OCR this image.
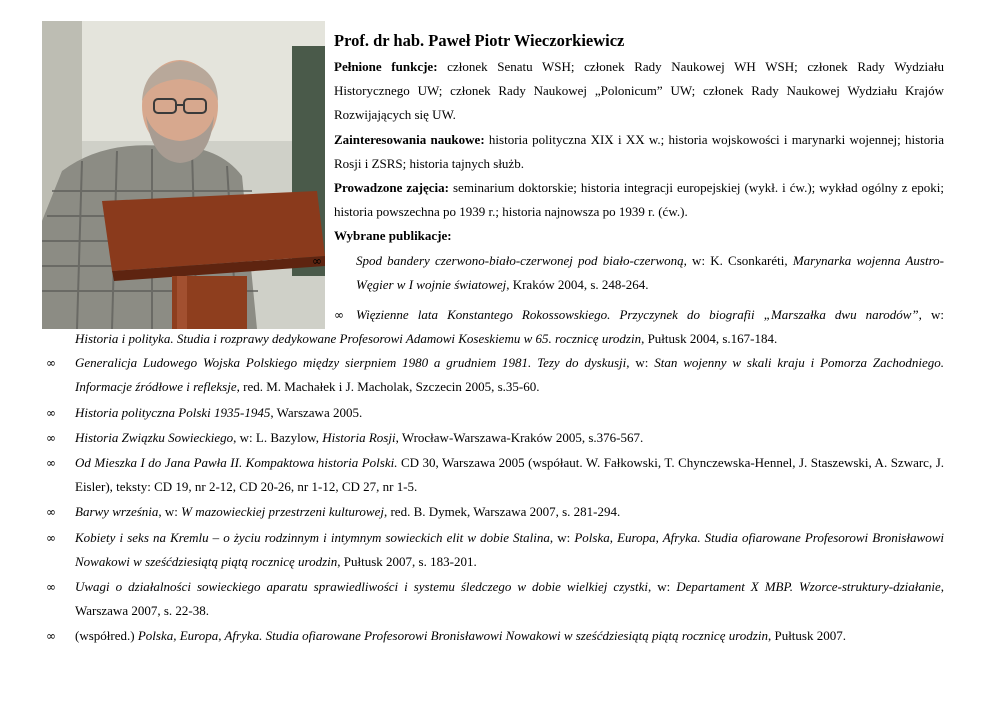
Prof. dr hab. Paweł Piotr Wieczorkiewicz

Pełnione funkcje: członek Senatu WSH; członek Rady Naukowej WH WSH; członek Rady Wydziału Historycznego UW; członek Rady Naukowej „Polonicum” UW; członek Rady Naukowej Wydziału Krajów Rozwijających się UW.

Zainteresowania naukowe: historia polityczna XIX i XX w.; historia wojskowości i marynarki wojennej; historia Rosji i ZSRS; historia tajnych służb.

Prowadzone zajęcia: seminarium doktorskie; historia integracji europejskiej (wykł. i ćw.); wykład ogólny z epoki; historia powszechna po 1939 r.; historia najnowsza po 1939 r. (ćw.).

Wybrane publikacje:
∞	Spod bandery czerwono-biało-czerwonej pod biało-czerwoną, w: K. Csonkaréti, Marynarka wojenna Austro-Węgier w I wojnie światowej, Kraków 2004, s. 248-264.
∞ Więzienne lata Konstantego Rokossowskiego. Przyczynek do biografii „Marszałka dwu narodów”, w:

Historia i polityka. Studia i rozprawy dedykowane Profesorowi Adamowi Koseskiemu w 65. rocznicę urodzin, Pułtusk 2004, s.167-184.

∞	Generalicja Ludowego Wojska Polskiego między sierpniem 1980 a grudniem 1981. Tezy do dyskusji, w: Stan wojenny w skali kraju i Pomorza Zachodniego. Informacje źródłowe i refleksje, red. M. Machałek i J. Macholak, Szczecin 2005, s.35-60.
∞	Historia polityczna Polski 1935-1945, Warszawa 2005.
∞	Historia Związku Sowieckiego, w: L. Bazylow, Historia Rosji, Wrocław-Warszawa-Kraków 2005, s.376-567.
∞	Od Mieszka I do Jana Pawła II. Kompaktowa historia Polski. CD 30, Warszawa 2005 (współaut. W. Fałkowski, T. Chynczewska-Hennel, J. Staszewski, A. Szwarc, J. Eisler), teksty: CD 19, nr 2-12, CD 20-26, nr 1-12, CD 27, nr 1-5.
∞	Barwy września, w: W mazowieckiej przestrzeni kulturowej, red. B. Dymek, Warszawa 2007, s. 281-294.
∞	Kobiety i seks na Kremlu – o życiu rodzinnym i intymnym sowieckich elit w dobie Stalina, w: Polska, Europa, Afryka. Studia ofiarowane Profesorowi Bronisławowi Nowakowi w sześćdziesiątą piątą rocznicę urodzin, Pułtusk 2007, s. 183-201.
∞	Uwagi o działalności sowieckiego aparatu sprawiedliwości i systemu śledczego w dobie wielkiej czystki, w: Departament X MBP. Wzorce-struktury-działanie, Warszawa 2007, s. 22-38.
∞	(współred.) Polska, Europa, Afryka. Studia ofiarowane Profesorowi Bronisławowi Nowakowi w sześćdziesiątą piątą rocznicę urodzin, Pułtusk 2007.
